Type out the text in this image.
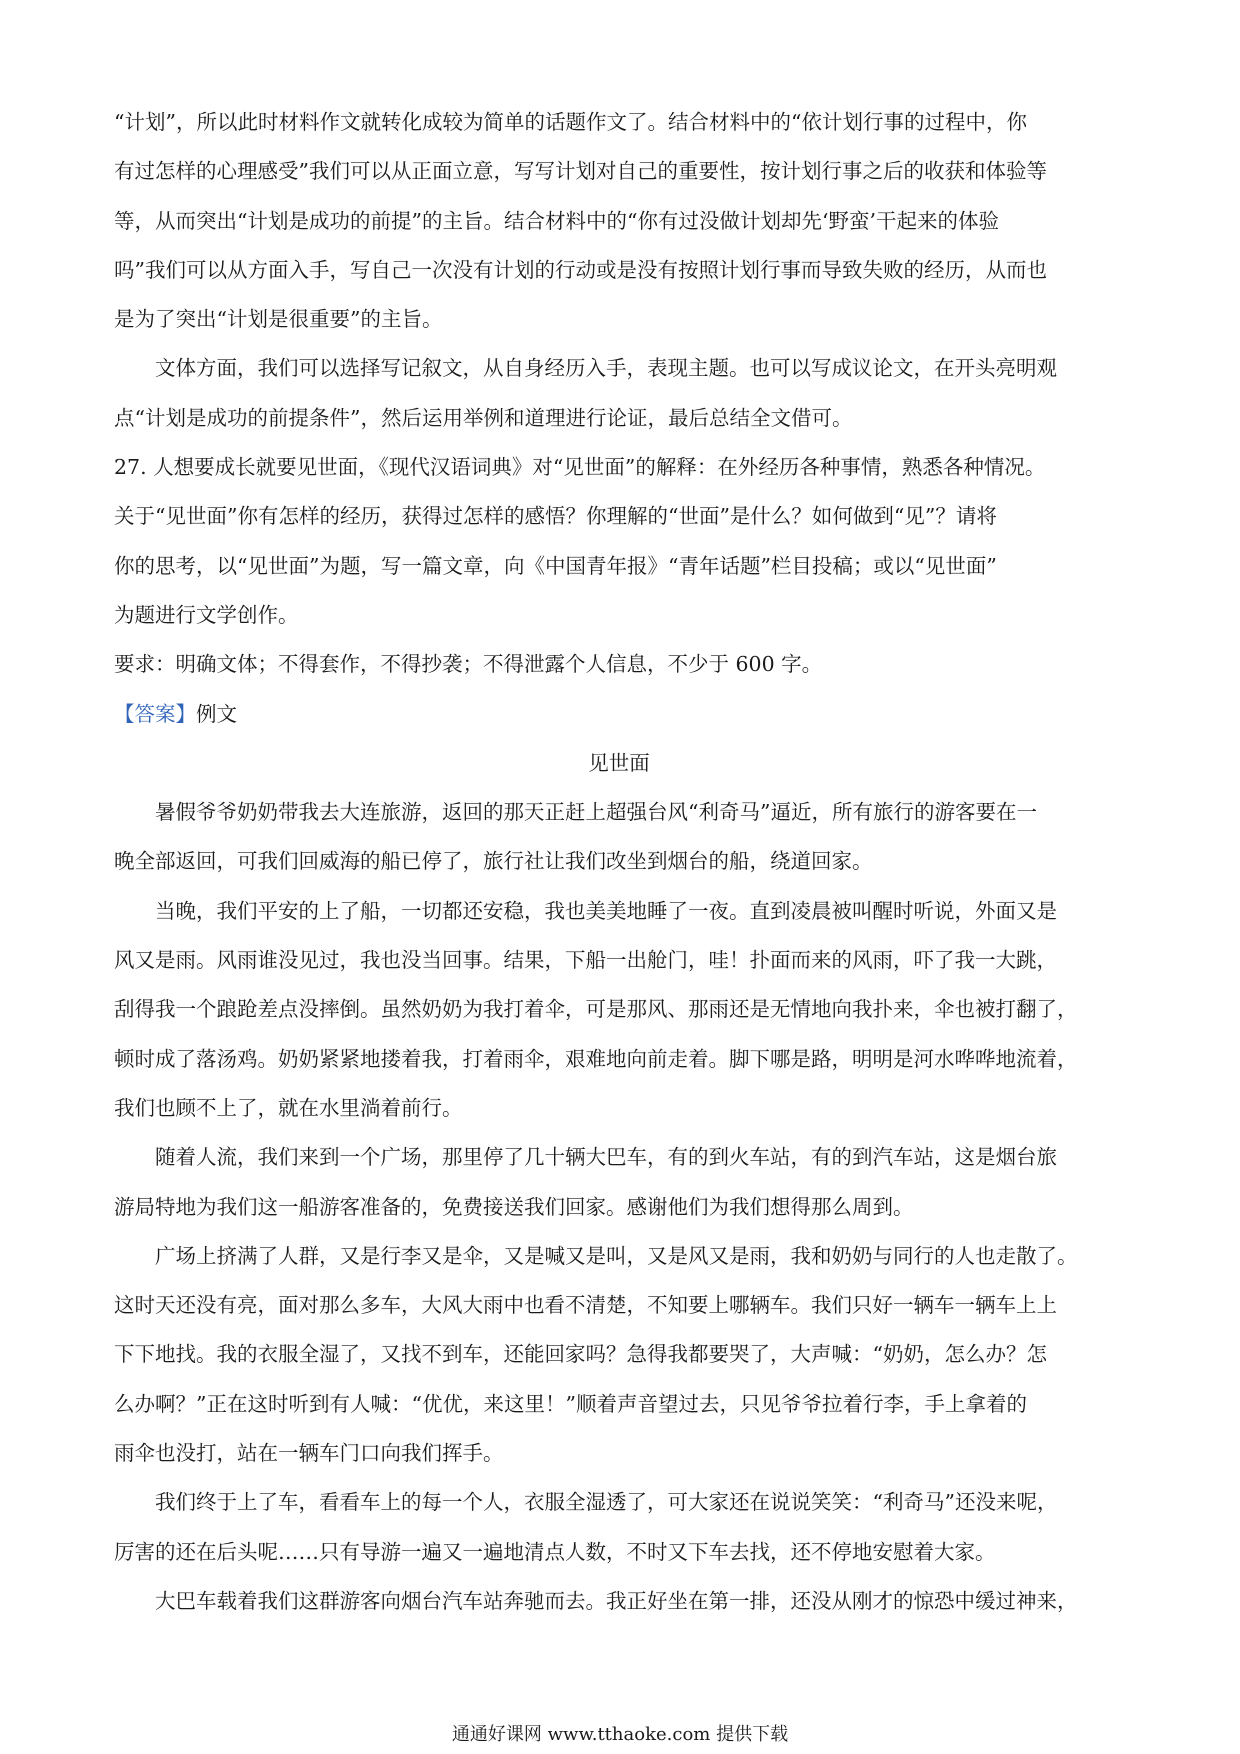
“计划”，所以此时材料作文就转化成较为简单的话题作文了。结合材料中的“依计划行事的过程中，你
有过怎样的心理感受”我们可以从正面立意，写写计划对自己的重要性，按计划行事之后的收获和体验等
等，从而突出“计划是成功的前提”的主旨。结合材料中的“你有过没做计划却先‘野蛮’干起来的体验
吗”我们可以从方面入手，写自己一次没有计划的行动或是没有按照计划行事而导致失败的经历，从而也
是为了突出“计划是很重要”的主旨。
文体方面，我们可以选择写记叙文，从自身经历入手，表现主题。也可以写成议论文，在开头亮明观
点“计划是成功的前提条件”，然后运用举例和道理进行论证，最后总结全文借可。
27. 人想要成长就要见世面，《现代汉语词典》对“见世面”的解释：在外经历各种事情，熟悉各种情况。
关于“见世面”你有怎样的经历，获得过怎样的感悟？你理解的“世面”是什么？如何做到“见”？请将
你的思考，以“见世面”为题，写一篇文章，向《中国青年报》“青年话题”栏目投稿；或以“见世面”
为题进行文学创作。
要求：明确文体；不得套作，不得抄袭；不得泄露个人信息，不少于 600 字。
【答案】例文
见世面
暑假爷爷奶奶带我去大连旅游，返回的那天正赶上超强台风“利奇马”逼近，所有旅行的游客要在一
晚全部返回，可我们回威海的船已停了，旅行社让我们改坐到烟台的船，绕道回家。
当晚，我们平安的上了船，一切都还安稳，我也美美地睡了一夜。直到凌晨被叫醒时听说，外面又是
风又是雨。风雨谁没见过，我也没当回事。结果，下船一出舱门，哇！扑面而来的风雨，吓了我一大跳，
刮得我一个踉跄差点没摔倒。虽然奶奶为我打着伞，可是那风、那雨还是无情地向我扑来，伞也被打翻了，
顿时成了落汤鸡。奶奶紧紧地搂着我，打着雨伞，艰难地向前走着。脚下哪是路，明明是河水哗哗地流着，
我们也顾不上了，就在水里淌着前行。
随着人流，我们来到一个广场，那里停了几十辆大巴车，有的到火车站，有的到汽车站，这是烟台旅
游局特地为我们这一船游客准备的，免费接送我们回家。感谢他们为我们想得那么周到。
广场上挤满了人群，又是行李又是伞，又是喊又是叫，又是风又是雨，我和奶奶与同行的人也走散了。
这时天还没有亮，面对那么多车，大风大雨中也看不清楚，不知要上哪辆车。我们只好一辆车一辆车上上
下下地找。我的衣服全湿了，又找不到车，还能回家吗？急得我都要哭了，大声喊：“奶奶，怎么办？怎
么办啊？”正在这时听到有人喊：“优优，来这里！”顺着声音望过去，只见爷爷拉着行李，手上拿着的
雨伞也没打，站在一辆车门口向我们挥手。
我们终于上了车，看看车上的每一个人，衣服全湿透了，可大家还在说说笑笑：“利奇马”还没来呢，
厉害的还在后头呢……只有导游一遍又一遍地清点人数，不时又下车去找，还不停地安慰着大家。
大巴车载着我们这群游客向烟台汽车站奔驰而去。我正好坐在第一排，还没从刚才的惊恐中缓过神来，
通通好课网 www.tthaoke.com 提供下载
